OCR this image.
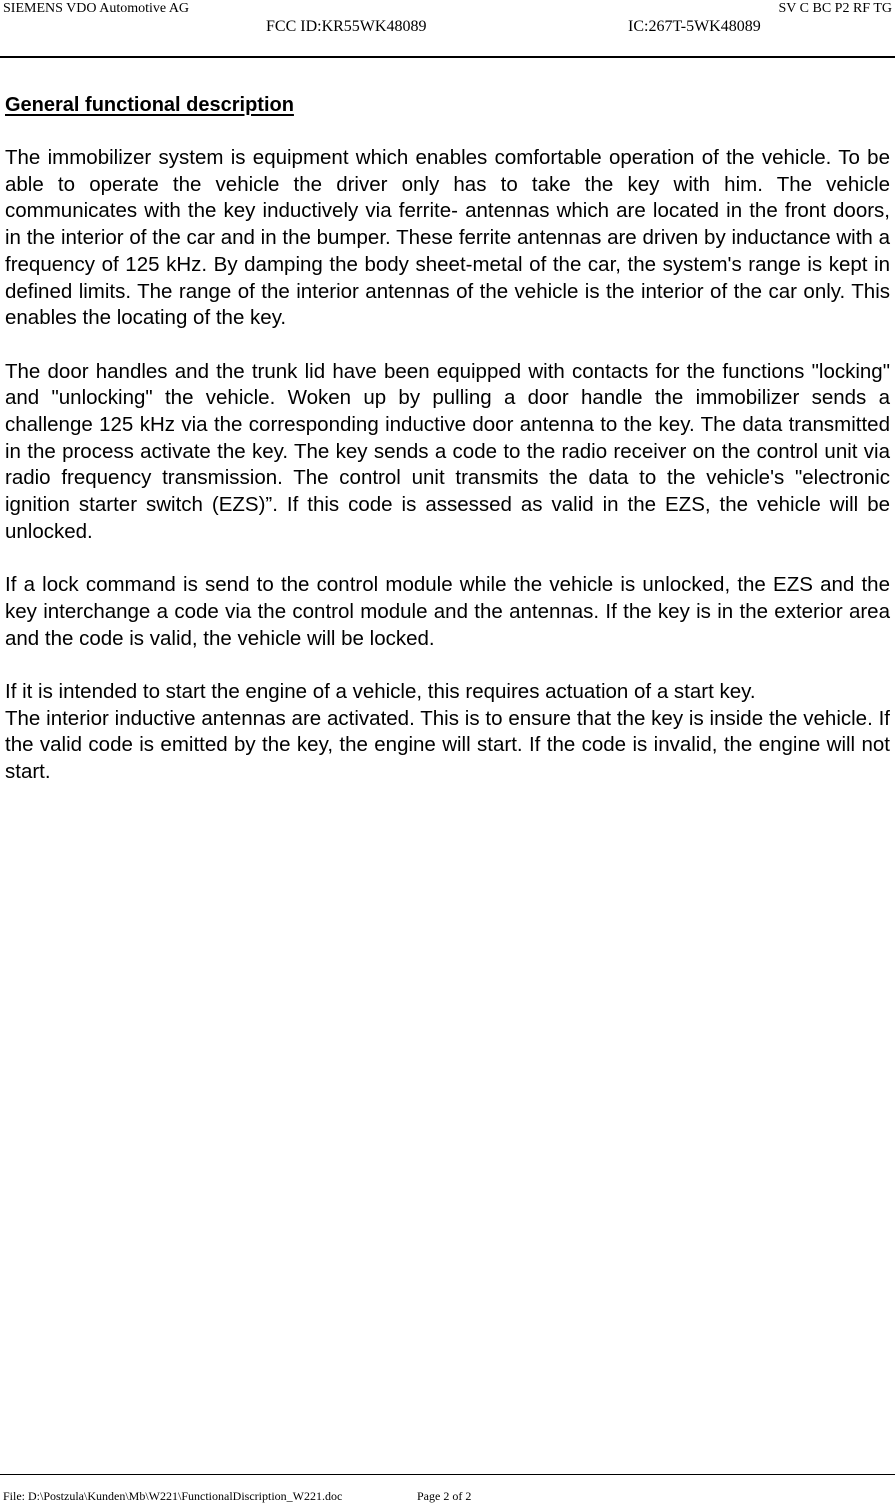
SIEMENS VDO Automotive AG	SV C BC P2 RF TG
FCC ID:KR55WK48089	IC:267T-5WK48089
General functional description

The immobilizer system is equipment which enables comfortable operation of the vehicle. To be able to operate the vehicle the driver only has to take the key with him. The vehicle communicates with the key inductively via ferrite- antennas which are located in the front doors, in the interior of the car and in the bumper. These ferrite antennas are driven by inductance with a frequency of 125 kHz. By damping the body sheet-metal of the car, the system's range is kept in defined limits. The range of the interior antennas of the vehicle is the interior of the car only. This enables the locating of the key.

The door handles and the trunk lid have been equipped with contacts for the functions "locking" and "unlocking" the vehicle. Woken up by pulling a door handle the immobilizer sends a challenge 125 kHz via the corresponding inductive door antenna to the key. The data transmitted in the process activate the key. The key sends a code to the radio receiver on the control unit via radio frequency transmission. The control unit transmits the data to the vehicle's "electronic ignition starter switch (EZS)”. If this code is assessed as valid in the EZS, the vehicle will be unlocked.

If a lock command is send to the control module while the vehicle is unlocked, the EZS and the key interchange a code via the control module and the antennas. If the key is in the exterior area and the code is valid, the vehicle will be locked.

If it is intended to start the engine of a vehicle, this requires actuation of a start key.
The interior inductive antennas are activated. This is to ensure that the key is inside the vehicle. If the valid code is emitted by the key, the engine will start. If the code is invalid, the engine will not start.

File: D:\Postzula\Kunden\Mb\W221\FunctionalDiscription_W221.doc	Page 2 of 2
